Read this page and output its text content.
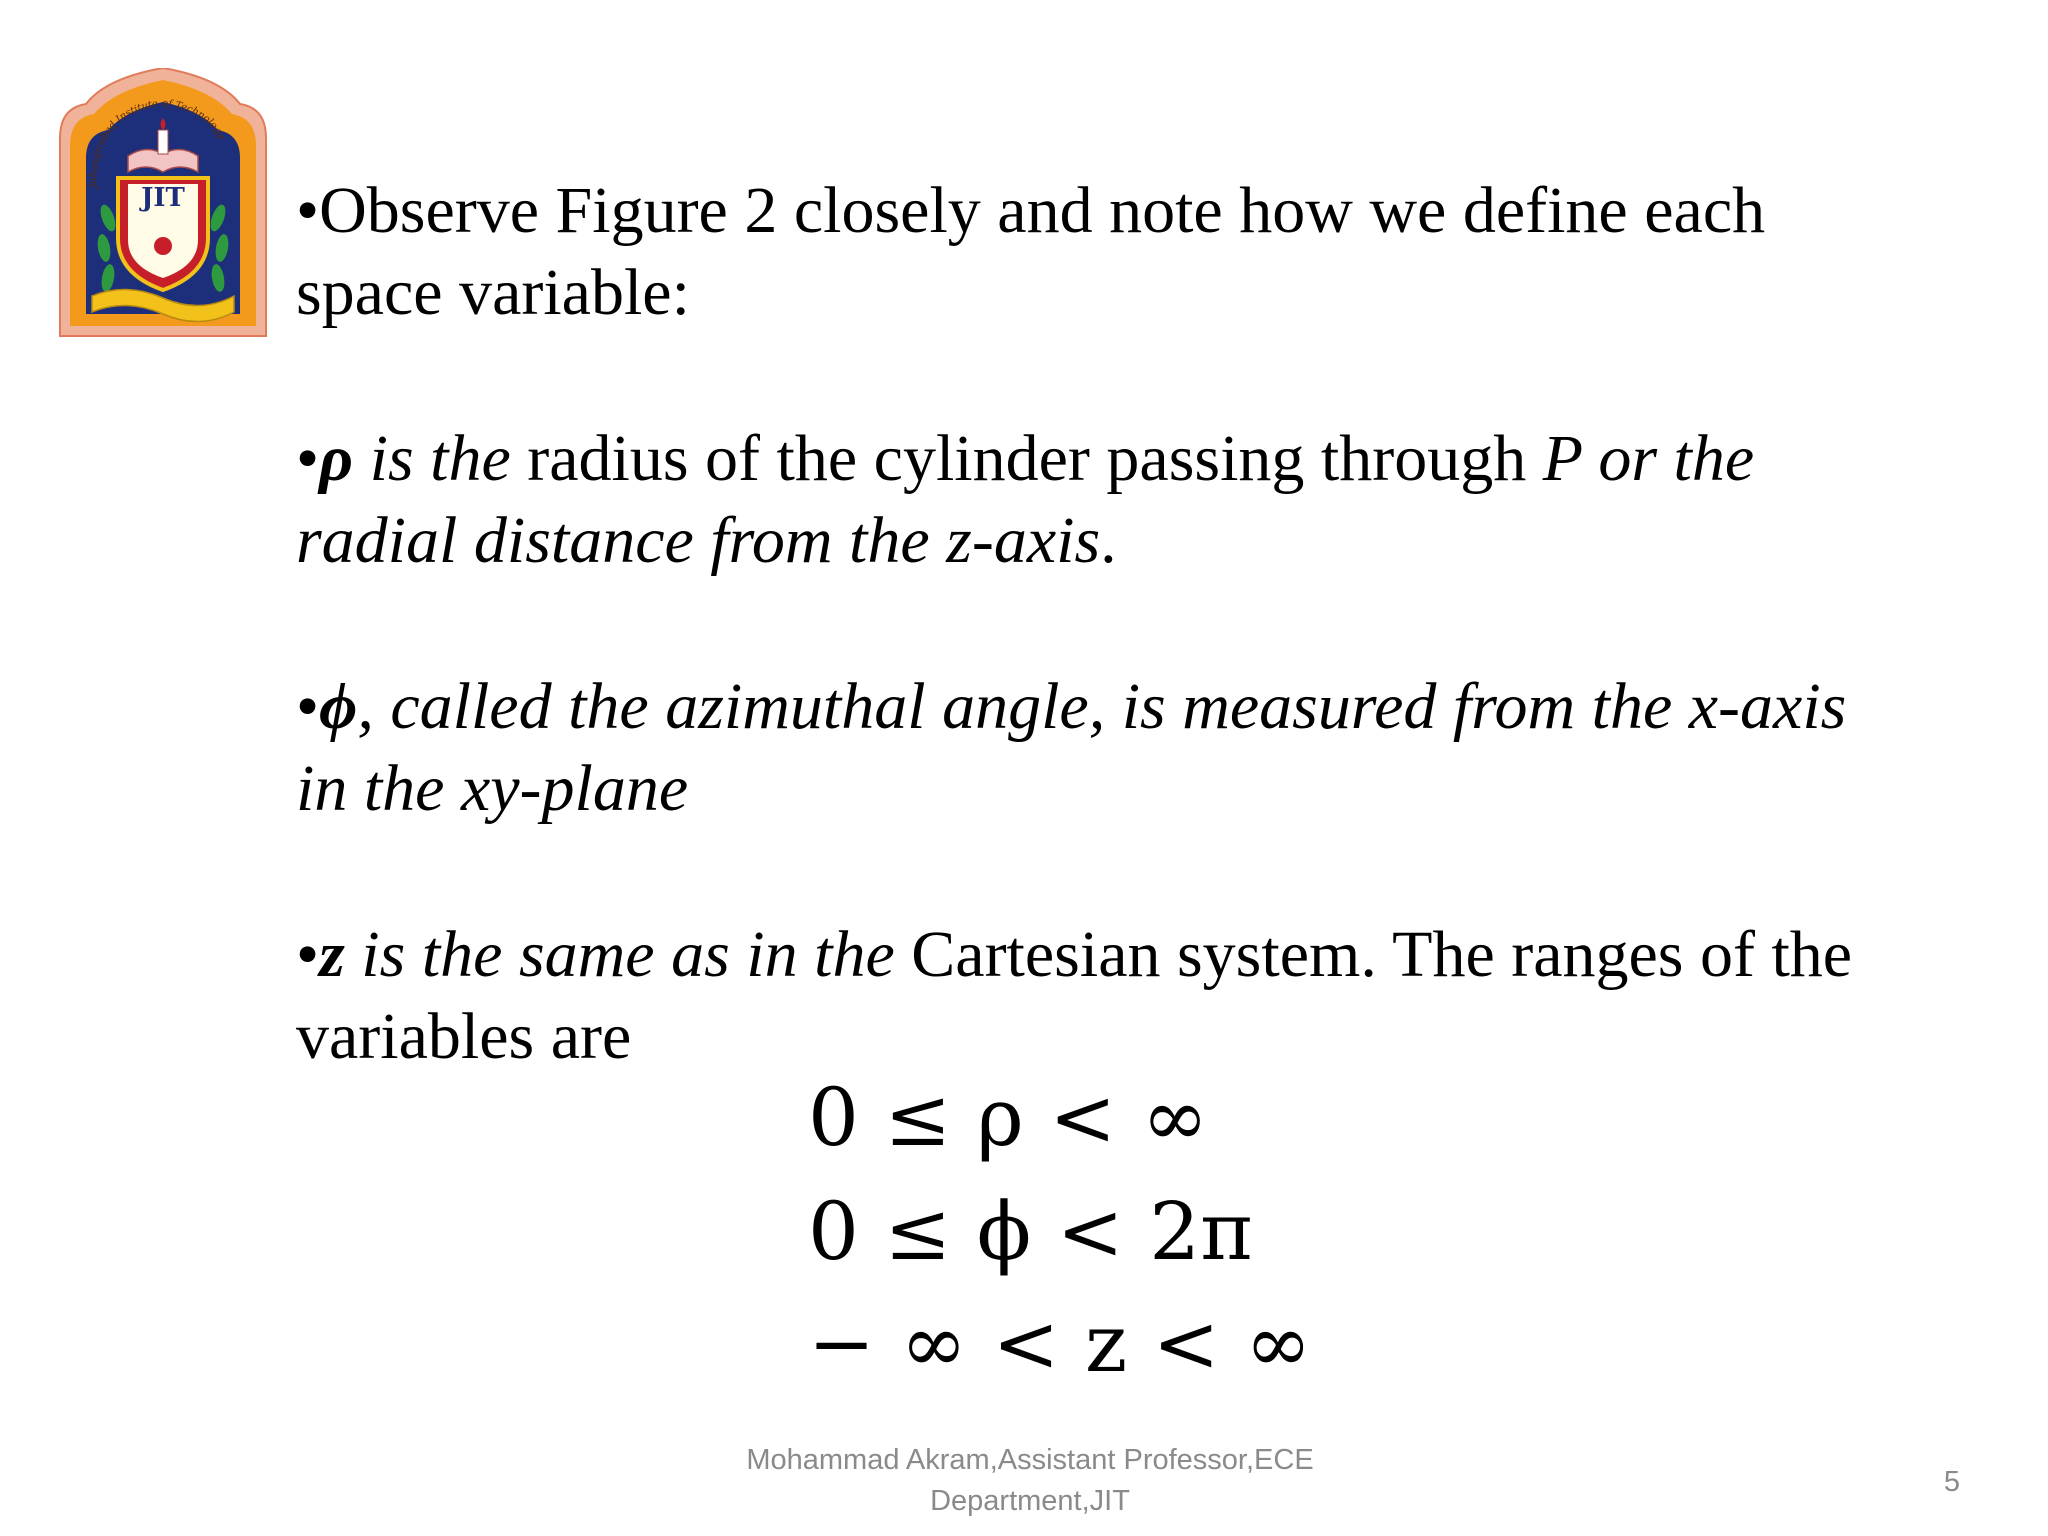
Jahangirabad Institute of Technology
JIT •Observe Figure 2 closely and note how we define each space variable:

•ρ is the radius of the cylinder passing through P or the radial distance from the z-axis.

•ϕ, called the azimuthal angle, is measured from the x-axis in the xy-plane

•z is the same as in the Cartesian system. The ranges of the variables are

0 ≤ ρ < ∞
0 ≤ ϕ < 2π
− ∞ < z < ∞
Mohammad Akram,Assistant Professor,ECE Department,JIT
5
